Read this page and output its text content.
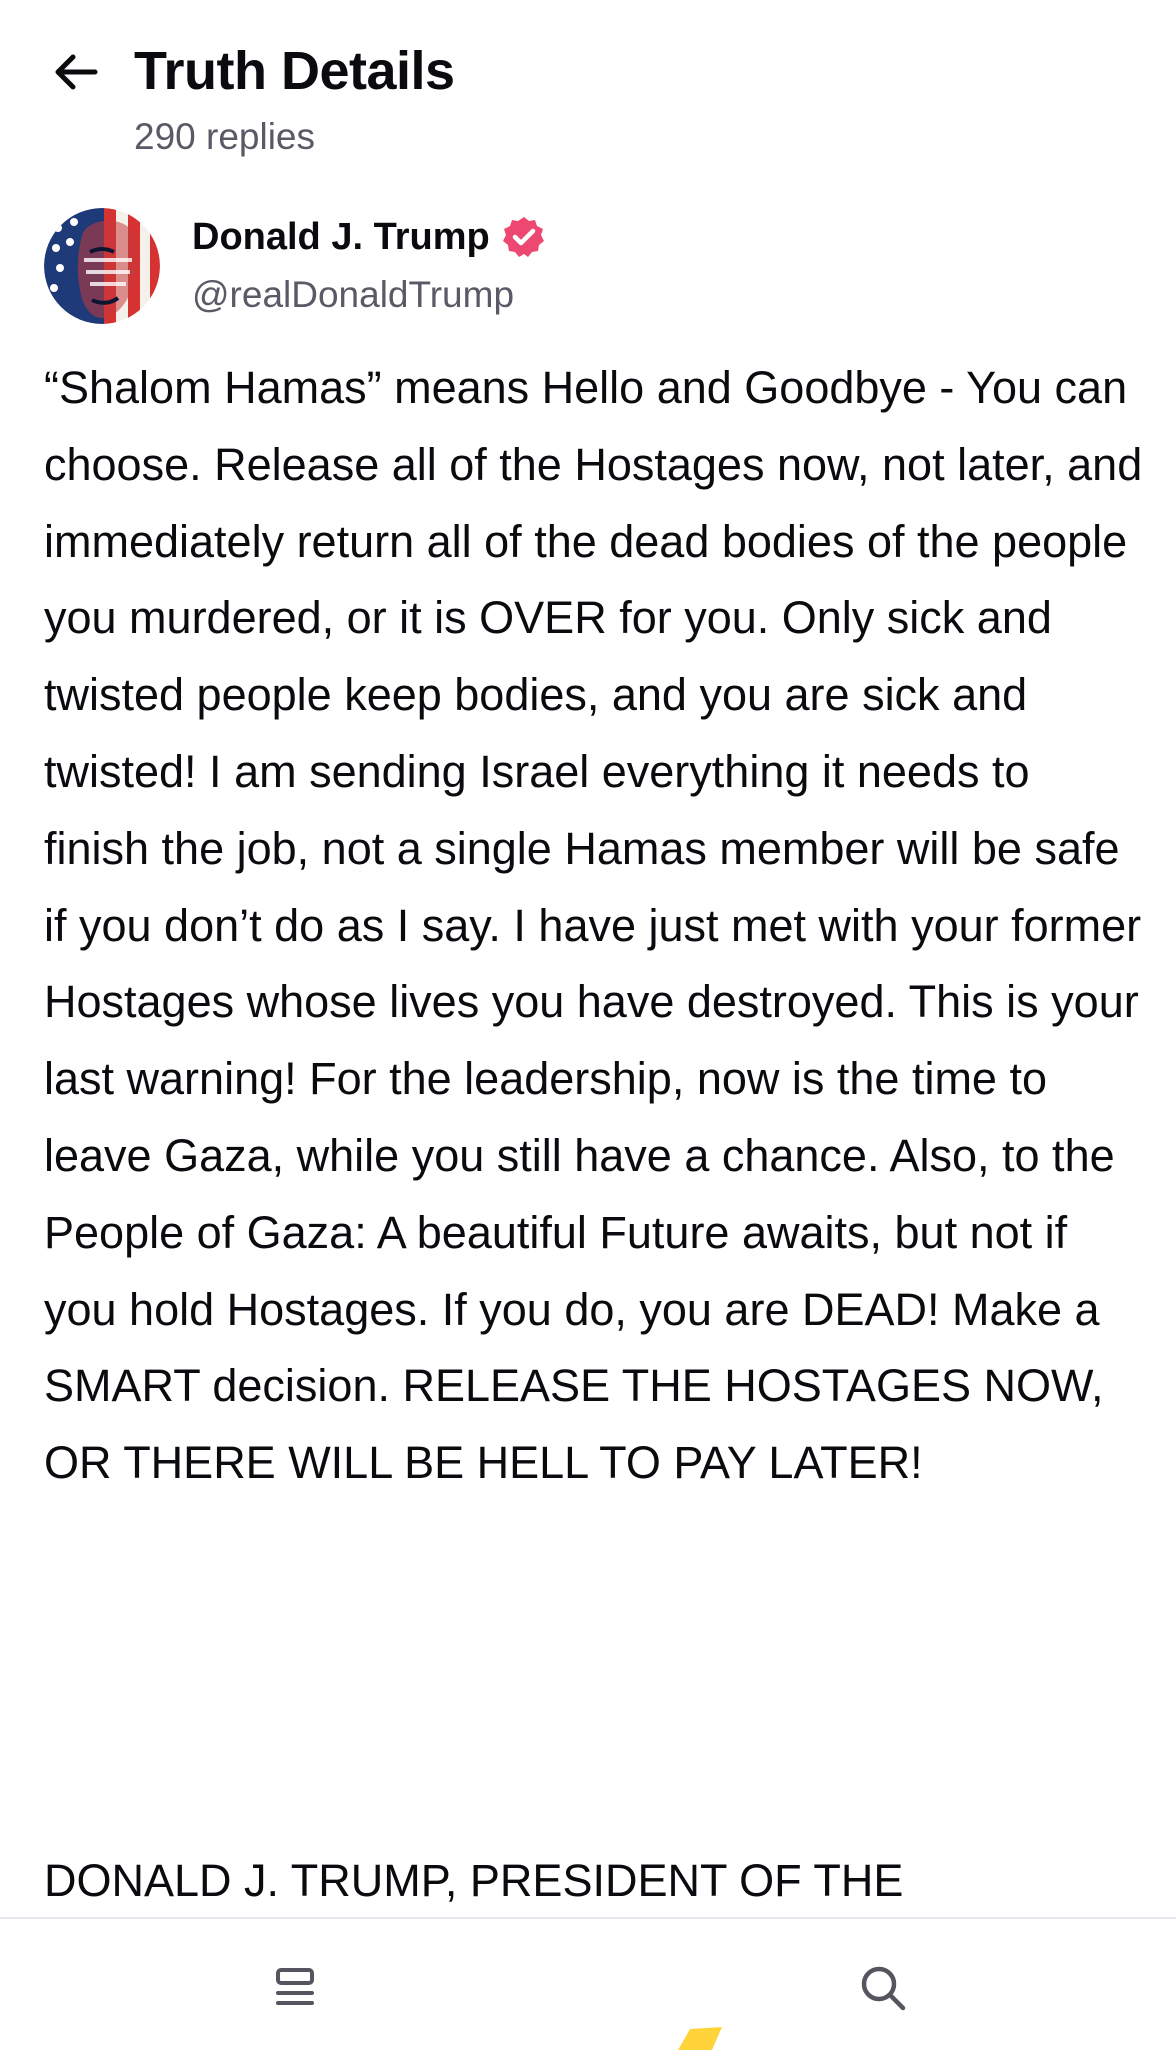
Truth Details
290 replies
Donald J. Trump
@realDonaldTrump

“Shalom Hamas” means Hello and Goodbye - You can choose. Release all of the Hostages now, not later, and immediately return all of the dead bodies of the people you murdered, or it is OVER for you. Only sick and twisted people keep bodies, and you are sick and twisted! I am sending Israel everything it needs to finish the job, not a single Hamas member will be safe if you don’t do as I say. I have just met with your former Hostages whose lives you have destroyed. This is your last warning! For the leadership, now is the time to leave Gaza, while you still have a chance. Also, to the People of Gaza: A beautiful Future awaits, but not if you hold Hostages. If you do, you are DEAD! Make a SMART decision. RELEASE THE HOSTAGES NOW, OR THERE WILL BE HELL TO PAY LATER!

DONALD J. TRUMP, PRESIDENT OF THE
